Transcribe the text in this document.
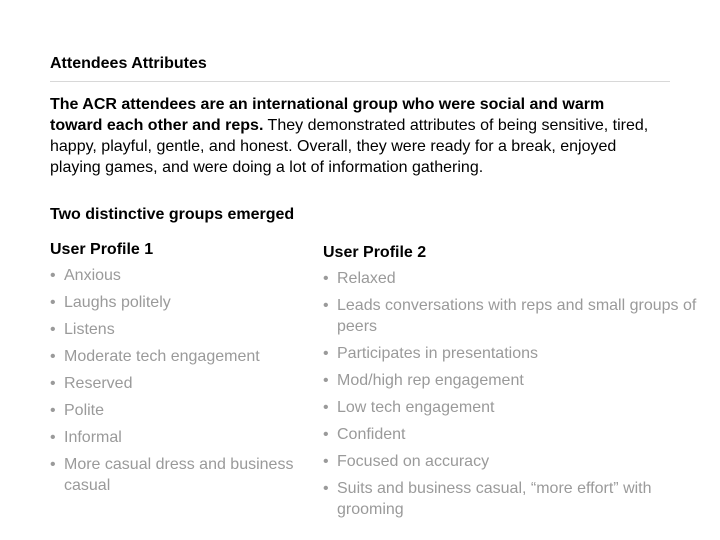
Attendees Attributes
The ACR attendees are an international group who were social and warm toward each other and reps. They demonstrated attributes of being sensitive, tired, happy, playful, gentle, and honest. Overall, they were ready for a break, enjoyed playing games, and were doing a lot of information gathering.
Two distinctive groups emerged
User Profile 1
• Anxious
• Laughs politely
• Listens
• Moderate tech engagement
• Reserved
• Polite
• Informal
• More casual dress and business casual
User Profile 2
• Relaxed
• Leads conversations with reps and small groups of peers
• Participates in presentations
• Mod/high rep engagement
• Low tech engagement
• Confident
• Focused on accuracy
• Suits and business casual, “more effort” with grooming
